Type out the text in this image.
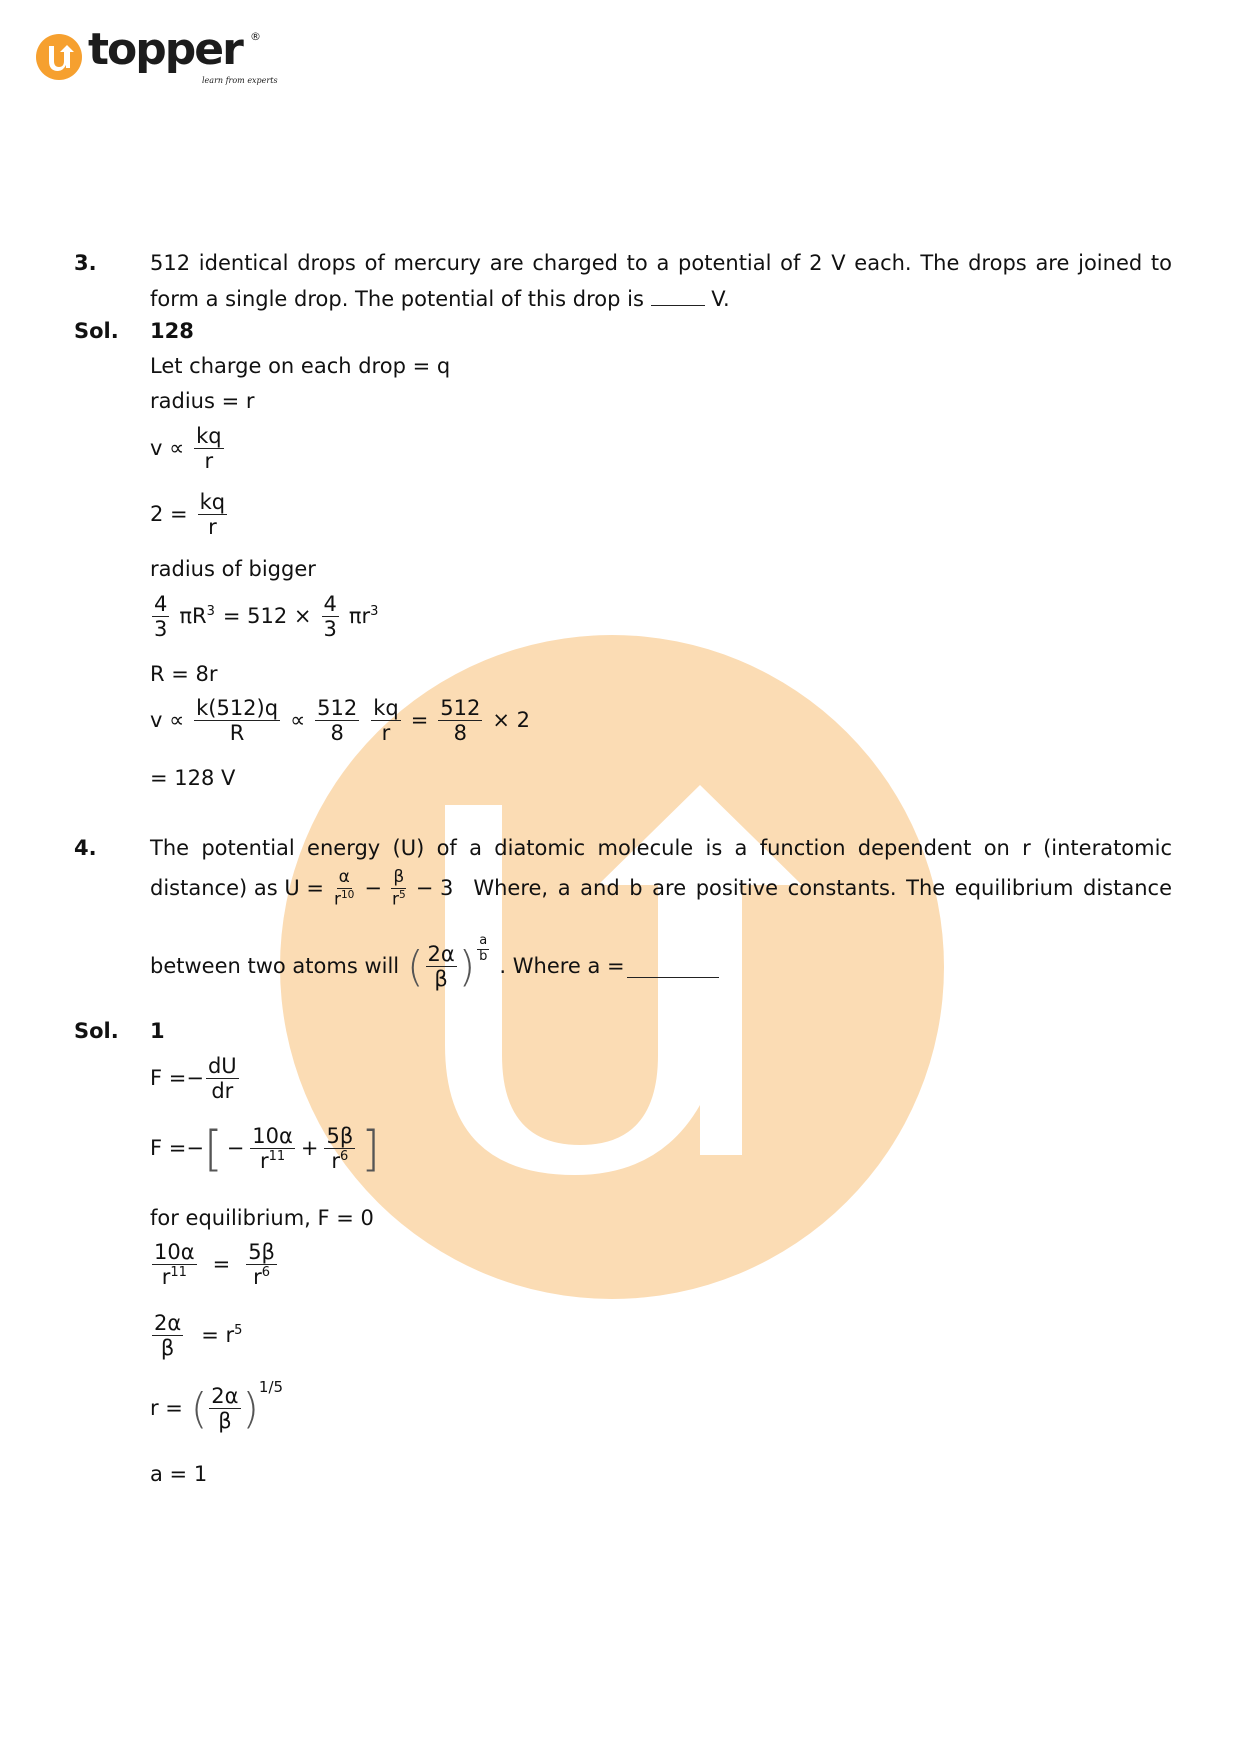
topper ®
learn from experts
3.	512 identical drops of mercury are charged to a potential of 2 V each. The drops are joined to
form a single drop. The potential of this drop is	V.
Sol. 128
Let charge on each drop = q
radius = r
$v \propto \frac{kq}{r}$
$2 = \frac{kq}{r}$
radius of bigger
$\frac{4}{3} \pi R^3 = 512 \times \frac{4}{3} \pi r^3$
R = 8r
$v \propto \frac{k(512)q}{R} \propto \frac{512}{8} \frac{kq}{r} = \frac{512}{8} \times 2$
= 128 V
4.	The potential energy (U) of a diatomic molecule is a function dependent on r (interatomic
distance) as $U = \frac{\alpha}{r^{10}} - \frac{\beta}{r^5} - 3$ Where, a and b are positive constants. The equilibrium distance
between two atoms will ( $\frac{2\alpha}{\beta}$ ) $\frac{a}{b}$
. Where a =
Sol. 1
$F =- \frac{dU}{dr}$
F =− [ − $\frac{10\alpha}{r^{11}} + \frac{5\beta}{r^6}$ ]
for equilibrium, F = 0
$\frac{10\alpha}{r^{11}} = \frac{5\beta}{r^6}$
$\frac{2\alpha}{\beta} = r^5$
r = ( $\frac{2\alpha}{\beta} )^{1/5}$
a = 1
